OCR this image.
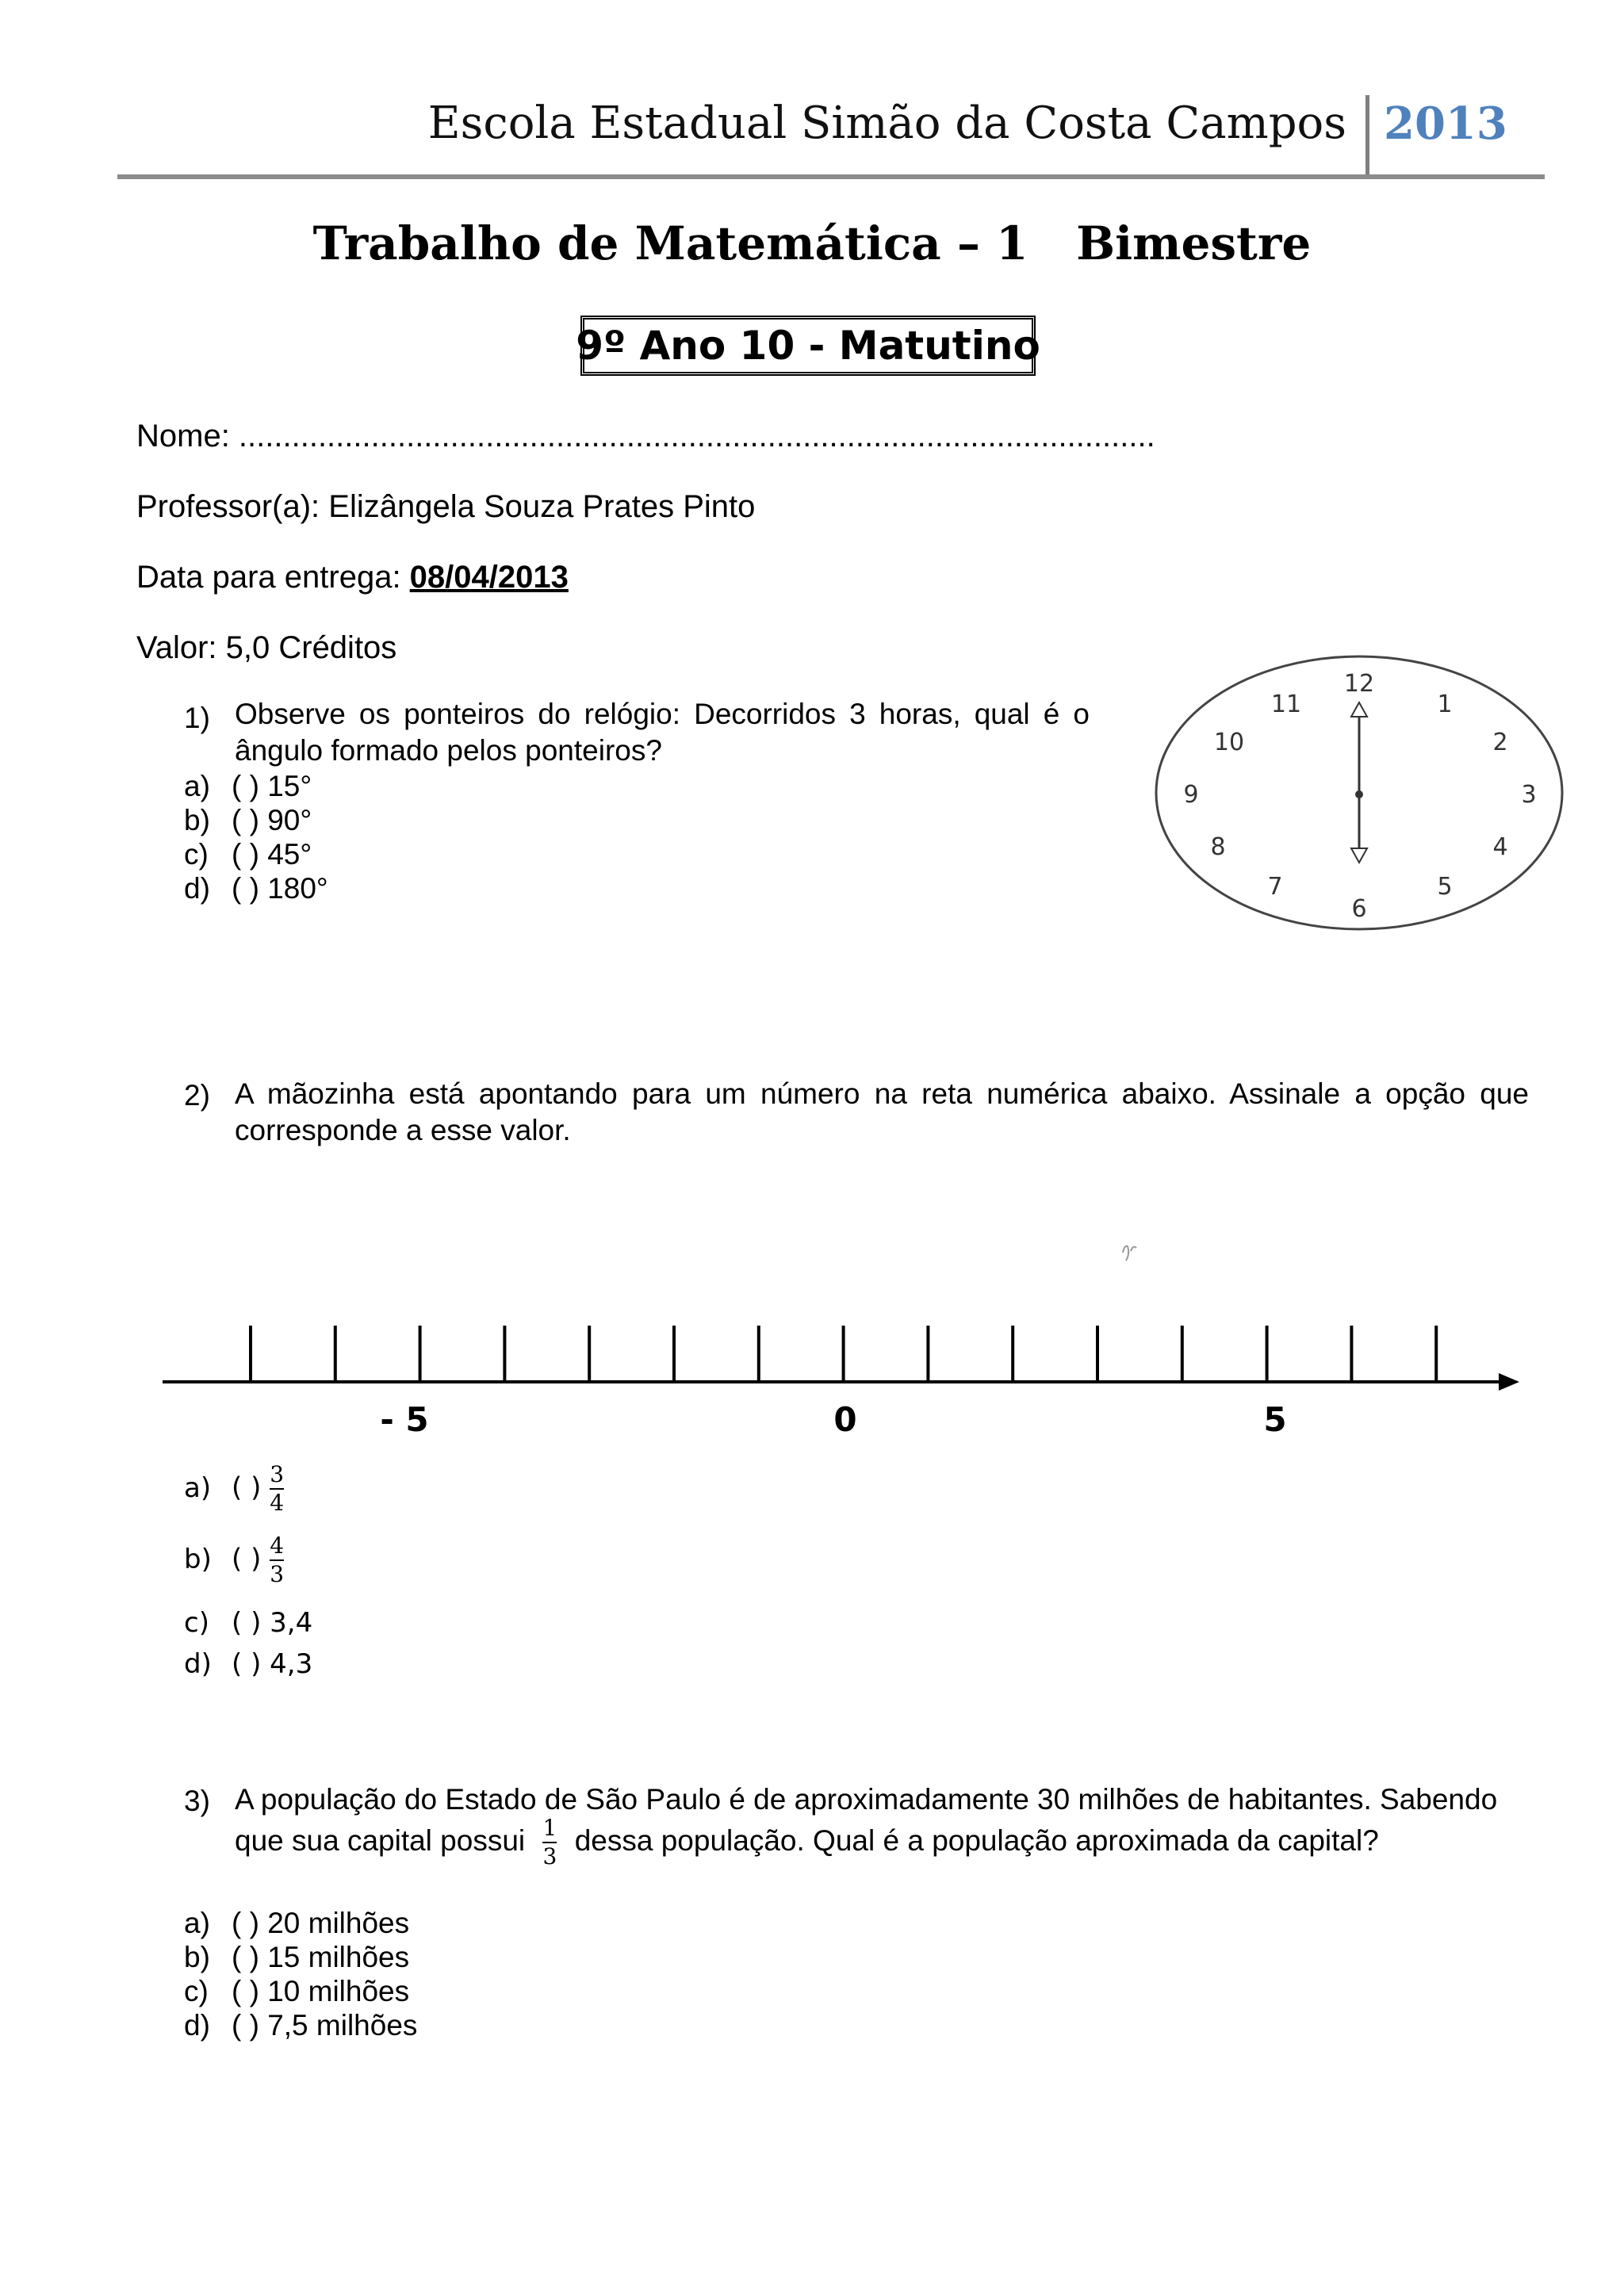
Escola Estadual Simão da Costa Campos 2013
Trabalho de Matemática – 1   Bimestre
9º Ano 10 - Matutino
Nome: ........................................................................................................
Professor(a): Elizângela Souza Prates Pinto
Data para entrega: 08/04/2013
Valor: 5,0 Créditos
1) Observe os ponteiros do relógio: Decorridos 3 horas, qual é o ângulo formado pelos ponteiros?
a) ( ) 15°
b) ( ) 90°
c) ( ) 45°
d) ( ) 180°
12
1
2
3
4
5
6
7
8
9
10
11
2) A mãozinha está apontando para um número na reta numérica abaixo. Assinale a opção que corresponde a esse valor.
- 5	0	5
a) ( ) $\frac{3}{4}$
b) ( ) $\frac{4}{3}$
c) ( ) 3,4
d) ( ) 4,3
3) A população do Estado de São Paulo é de aproximadamente 30 milhões de habitantes. Sabendo
que sua capital possui $\frac{1}{3}$ dessa população. Qual é a população aproximada da capital?
a) ( ) 20 milhões
b) ( ) 15 milhões
c) ( ) 10 milhões
d) ( ) 7,5 milhões
